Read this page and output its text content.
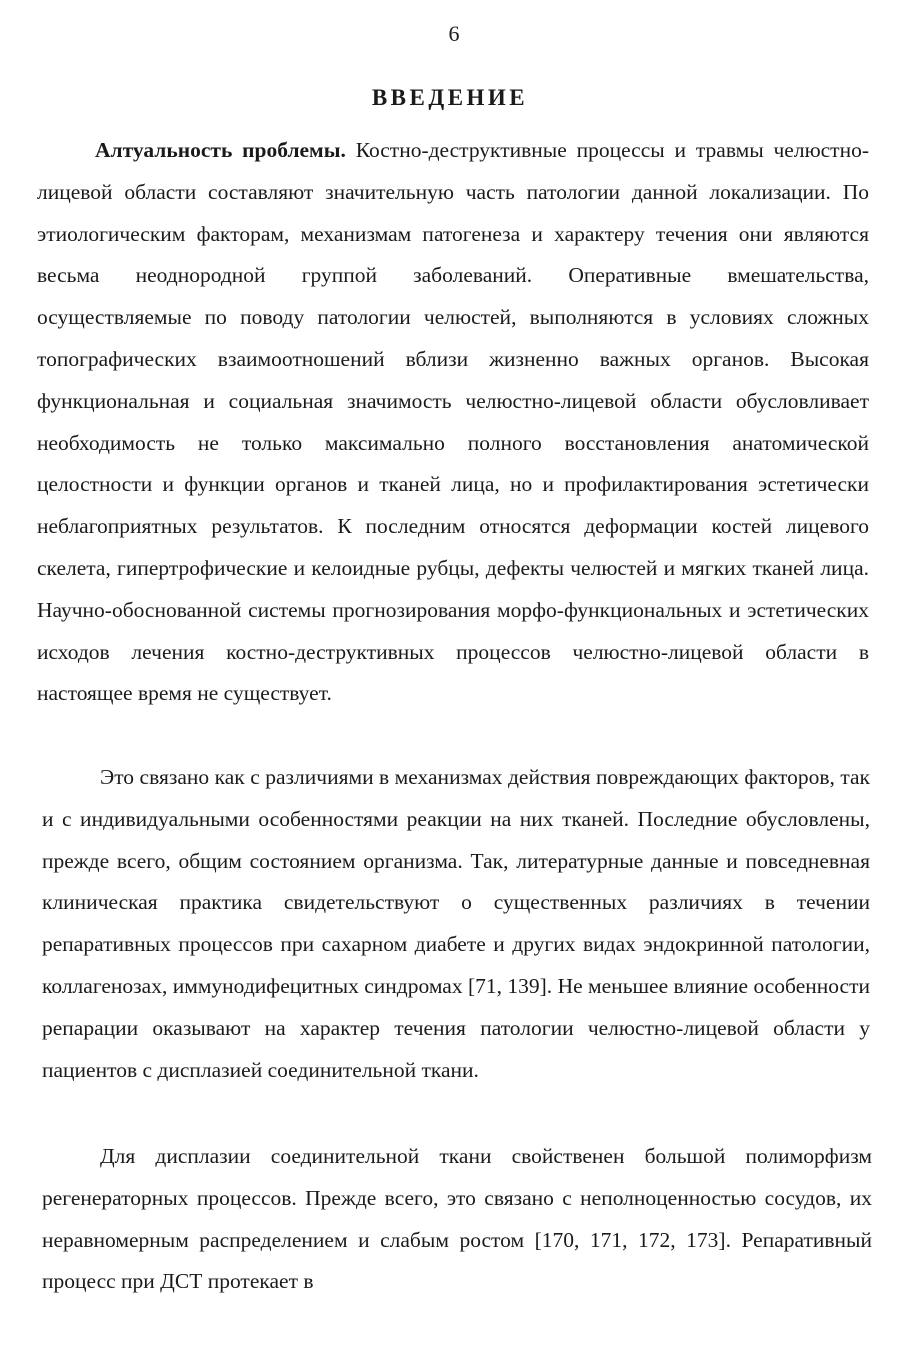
6
ВВЕДЕНИЕ

Алтуальность проблемы. Костно-деструктивные процессы и травмы челюстно-лицевой области составляют значительную часть патологии данной локализации. По этиологическим факторам, механизмам патогенеза и характеру течения они являются весьма неоднородной группой заболеваний. Оперативные вмешательства, осуществляемые по поводу патологии челюстей, выполняются в условиях сложных топографических взаимоотношений вблизи жизненно важных органов. Высокая функциональная и социальная значимость челюстно-лицевой области обусловливает необходимость не только максимально полного восстановления анатомической целостности и функции органов и тканей лица, но и профилактирования эстетически неблагоприятных результатов. К последним относятся деформации костей лицевого скелета, гипертрофические и келоидные рубцы, дефекты челюстей и мягких тканей лица. Научно-обоснованной системы прогнозирования морфо-функциональных и эстетических исходов лечения костно-деструктивных процессов челюстно-лицевой области в настоящее время не существует.

Это связано как с различиями в механизмах действия повреждающих факторов, так и с индивидуальными особенностями реакции на них тканей. Последние обусловлены, прежде всего, общим состоянием организма. Так, литературные данные и повседневная клиническая практика свидетельствуют о существенных различиях в течении репаративных процессов при сахарном диабете и других видах эндокринной патологии, коллагенозах, иммунодифецитных синдромах [71, 139]. Не меньшее влияние особенности репарации оказывают на характер течения патологии челюстно-лицевой области у пациентов с дисплазией соединительной ткани.

Для дисплазии соединительной ткани свойственен большой полиморфизм регенераторных процессов. Прежде всего, это связано с неполноценностью сосудов, их неравномерным распределением и слабым ростом [170, 171, 172, 173]. Репаративный процесс при ДСТ протекает в
